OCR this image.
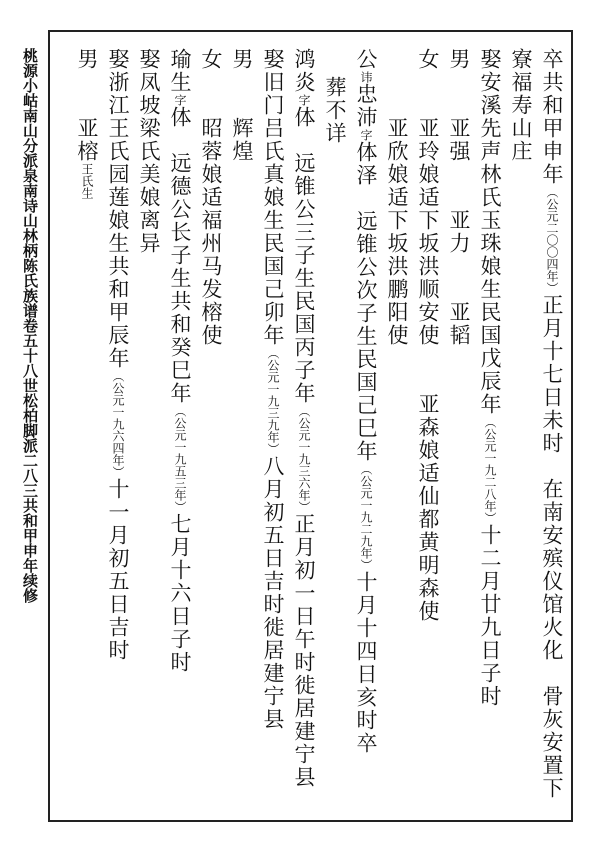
桃源小岵南山分派泉南诗山林柄陈氏族谱卷五十八世松柏脚派二八三共和甲申年续修
卒共和甲申年（公元二〇〇四年）正月十七日未时　在南安殡仪馆火化　骨灰安置下
寮福寿山庄
娶安溪先声林氏玉珠娘生民国戊辰年（公元一九二八年）十二月廿九日子时
男　　亚强　　亚力　　亚韬
女　　亚玲娘适下坂洪顺安使　　亚森娘适仙都黄明森使
　　　亚欣娘适下坂洪鹏阳使
公讳忠沛字体泽　远锥公次子生民国己巳年（公元一九二九年）十月十四日亥时卒
葬不详
鸿炎字体　远锥公三子生民国丙子年（公元一九三六年）正月初一日午时徙居建宁县
娶旧门吕氏真娘生民国己卯年（公元一九三九年）八月初五日吉时徙居建宁县
男　　辉煌
女　　昭蓉娘适福州马发榕使
瑜生字体　远德公长子生共和癸巳年（公元一九五三年）七月十六日子时
娶凤坡梁氏美娘离异
娶浙江王氏园莲娘生共和甲辰年（公元一九六四年）十一月初五日吉时
男　　亚榕王氏生
